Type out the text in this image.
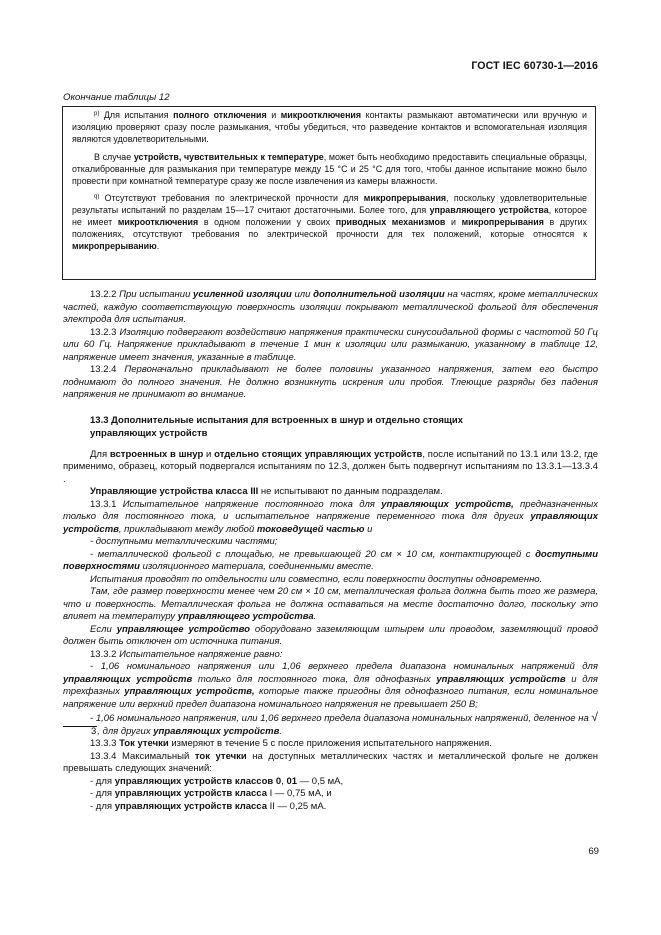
ГОСТ IEC 60730-1—2016
Окончание таблицы 12

$^{p)}$ Для испытания полного отключения и микроотключения контакты размыкают автоматически или вручную и изоляцию проверяют сразу после размыкания, чтобы убедиться, что разведение контактов и вспомогательная изоляция являются удовлетворительными.

В случае устройств, чувствительных к температуре, может быть необходимо предоставить специальные образцы, откалиброванные для размыкания при температуре между 15 °С и 25 °С для того, чтобы данное испытание можно было провести при комнатной температуре сразу же после извлечения из камеры влажности.

$^{q)}$ Отсутствуют требования по электрической прочности для микропрерывания, поскольку удовлетворительные результаты испытаний по разделам 15—17 считают достаточными. Более того, для управляющего устройства, которое не имеет микроотключения в одном положении у своих приводных механизмов и микропрерывания в других положениях, отсутствуют требования по электрической прочности для тех положений, которые относятся к микропрерыванию.

13.2.2 При испытании усиленной изоляции или дополнительной изоляции на частях, кроме металлических частей, каждую соответствующую поверхность изоляции покрывают металлической фольгой для обеспечения электрода для испытания.

13.2.3 Изоляцию подвергают воздействию напряжения практически синусоидальной формы с частотой 50 Гц или 60 Гц. Напряжение прикладывают в течение 1 мин к изоляции или размыканию, указанному в таблице 12, напряжение имеет значения, указанные в таблице.

13.2.4 Первоначально прикладывают не более половины указанного напряжения, затем его быстро поднимают до полного значения. Не должно возникнуть искрения или пробоя. Тлеющие разряды без падения напряжения не принимают во внимание.

13.3 Дополнительные испытания для встроенных в шнур и отдельно стоящих
управляющих устройств

Для встроенных в шнур и отдельно стоящих управляющих устройств, после испытаний по 13.1 или 13.2, где применимо, образец, который подвергался испытаниям по 12.3, должен быть подвергнут испытаниям по 13.3.1—13.3.4 .

Управляющие устройства класса III не испытывают по данным подразделам.

13.3.1 Испытательное напряжение постоянного тока для управляющих устройств, предназначенных только для постоянного тока, и испытательное напряжение переменного тока для других управляющих устройств, прикладывают между любой токоведущей частью и

- доступными металлическими частями;

- металлической фольгой с площадью, не превышающей 20 см × 10 см, контактирующей с доступными поверхностями изоляционного материала, соединенными вместе.

Испытания проводят по отдельности или совместно, если поверхности доступны одновременно.

Там, где размер поверхности менее чем 20 см × 10 см, металлическая фольга должна быть того же размера, что и поверхность. Металлическая фольга не должна оставаться на месте достаточно долго, поскольку это влияет на температуру управляющего устройства.

Если управляющее устройство оборудовано заземляющим штырем или проводом, заземляющий провод должен быть отключен от источника питания.

13.3.2 Испытательное напряжение равно:

- 1,06 номинального напряжения или 1,06 верхнего предела диапазона номинальных напряжений для управляющих устройств только для постоянного тока, для однофазных управляющих устройств и для трехфазных управляющих устройств, которые также пригодны для однофазного питания, если номинальное напряжение или верхний предел диапазона номинального напряжения не превышает 250 В;

- 1,06 номинального напряжения, или 1,06 верхнего предела диапазона номинальных напряжений, деленное на √3, для других управляющих устройств.

13.3.3 Ток утечки измеряют в течение 5 с после приложения испытательного напряжения.

13.3.4 Максимальный ток утечки на доступных металлических частях и металлической фольге не должен превышать следующих значений:

- для управляющих устройств классов 0, 01 — 0,5 мА,

- для управляющих устройств класса I — 0,75 мА, и

- для управляющих устройств класса II — 0,25 мА.

69
